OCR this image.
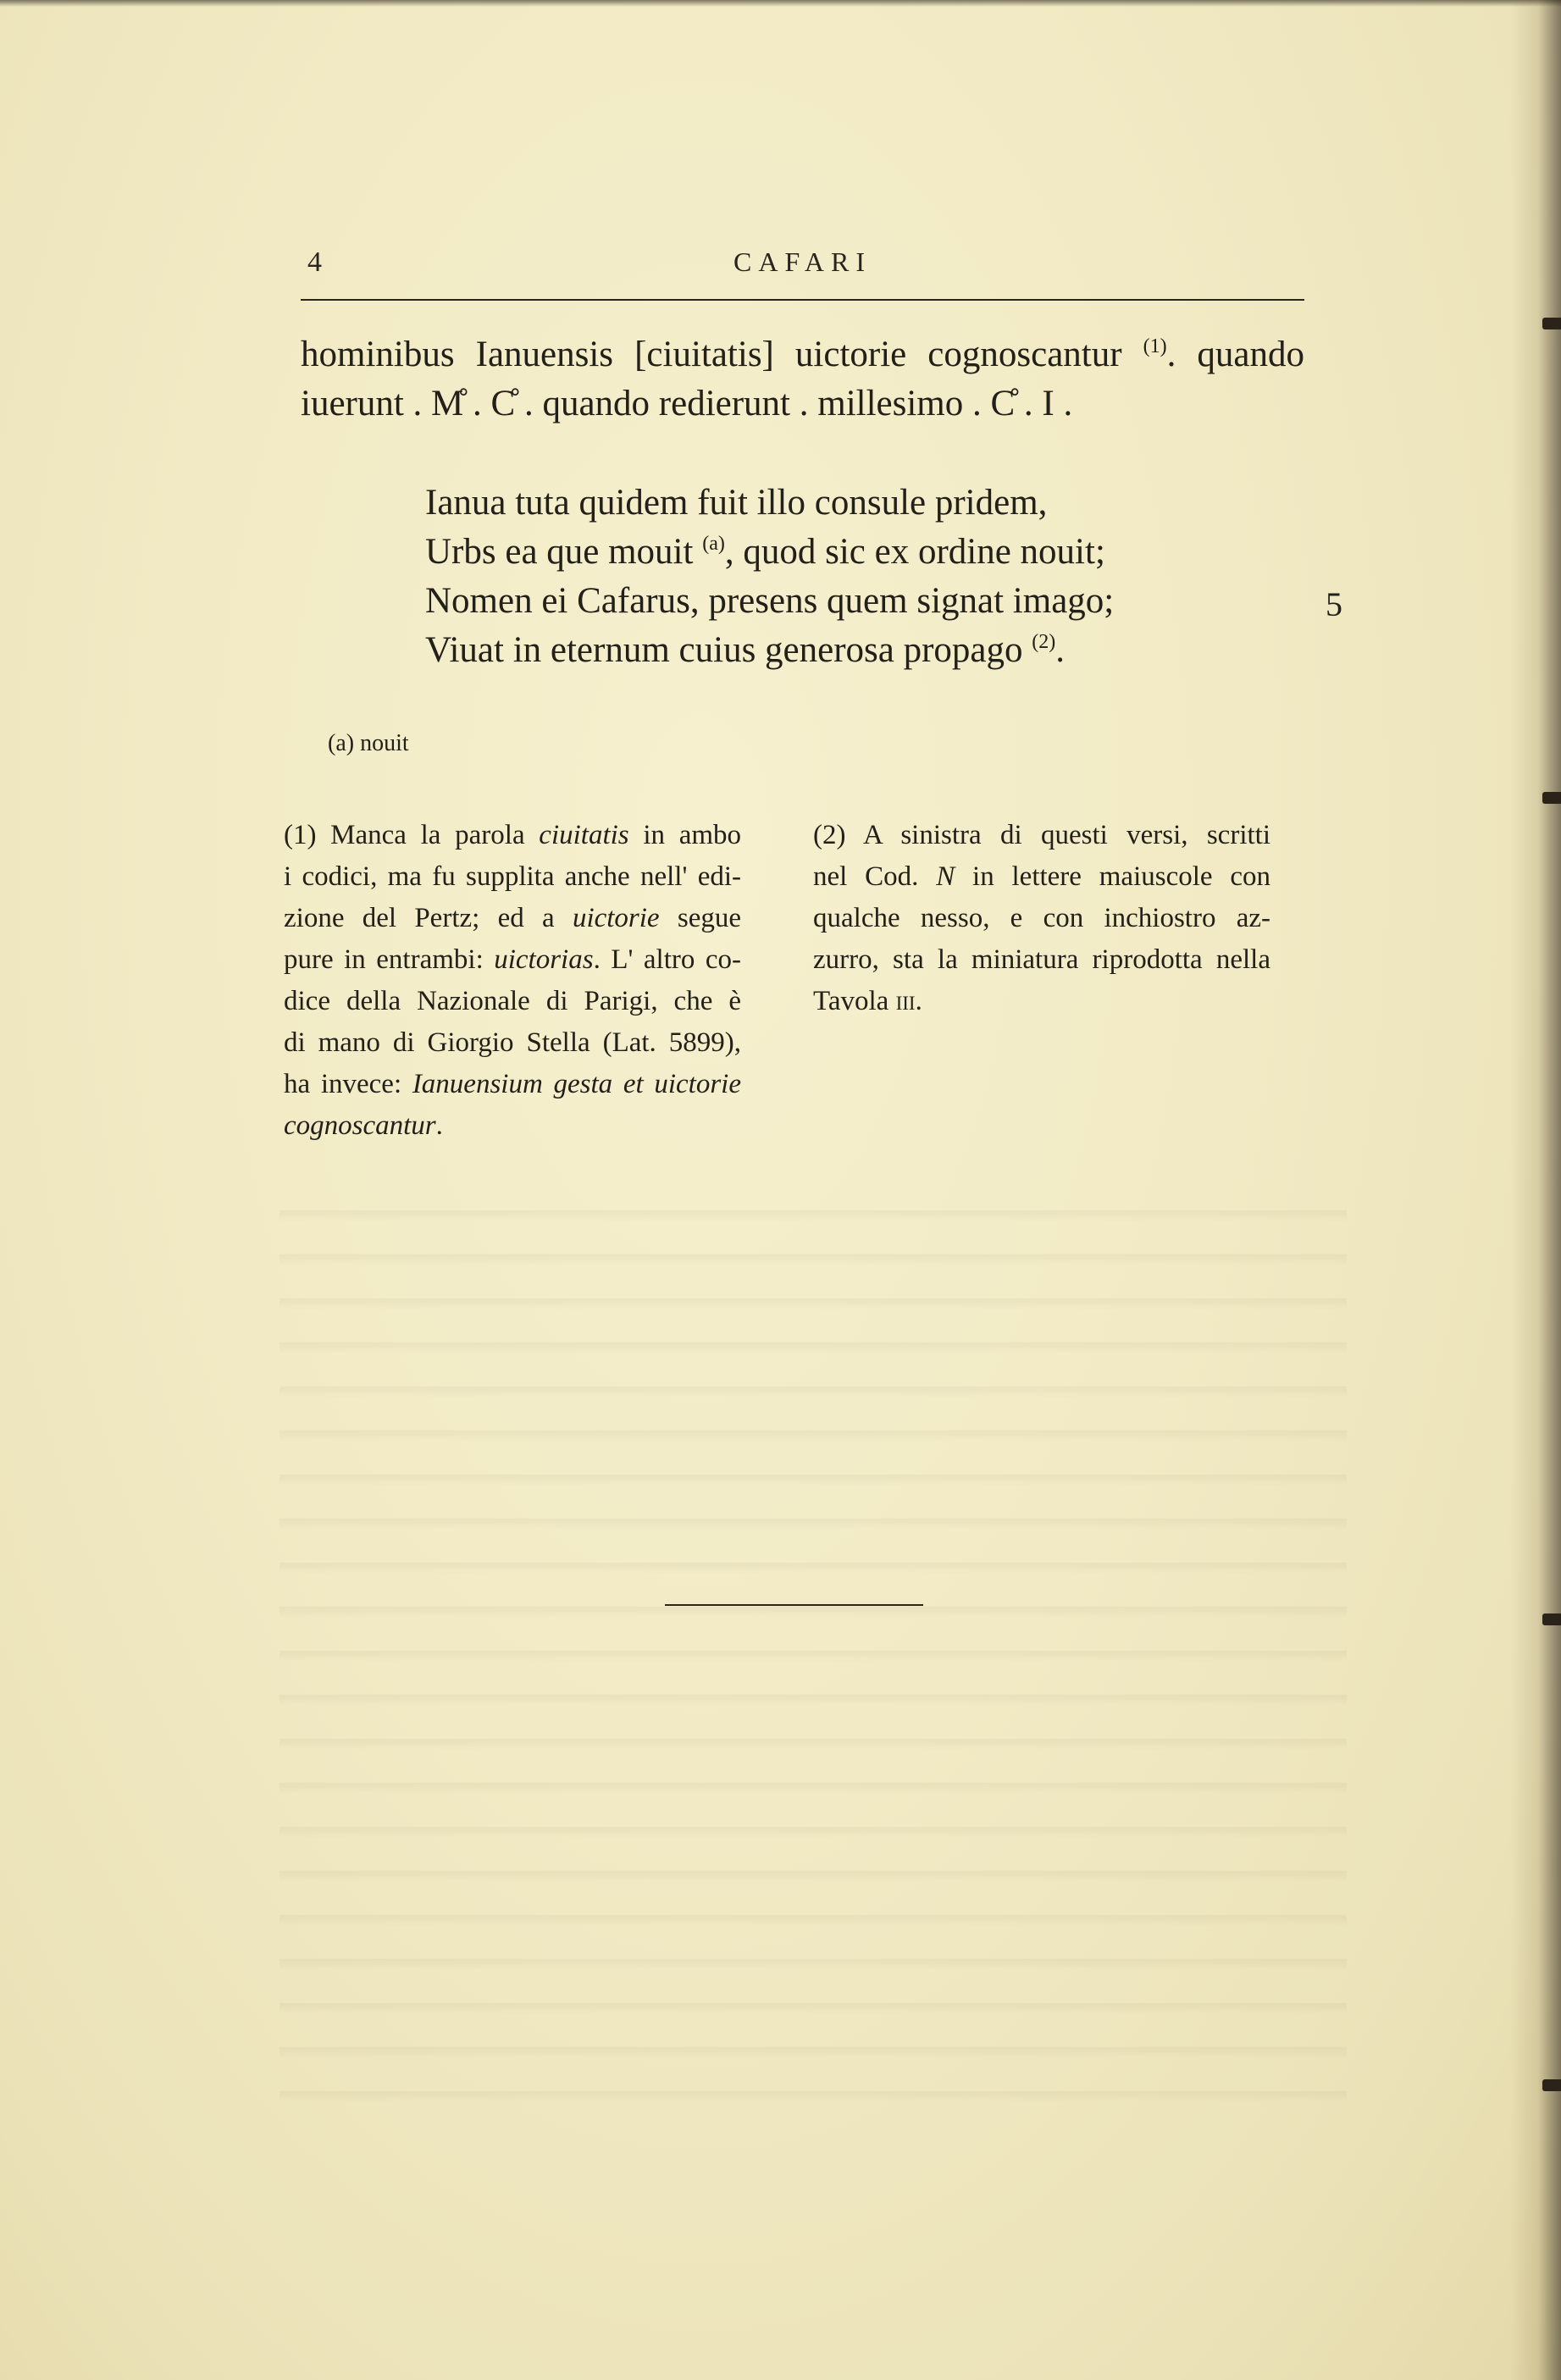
4	CAFARI
hominibus Ianuensis [ciuitatis] uictorie cognoscantur $^{(1)}$. quando
iuerunt . M̊ . C̊ . quando redierunt . millesimo . C̊ . I .
Ianua tuta quidem fuit illo consule pridem,
Urbs ea que mouit $^{(a)}$, quod sic ex ordine nouit;
Nomen ei Cafarus, presens quem signat imago;
Viuat in eternum cuius generosa propago $^{(2)}$.
5
(a) nouit
(1) Manca la parola ciuitatis in ambo
i codici, ma fu supplita anche nell' edi-
zione del Pertz; ed a uictorie segue
pure in entrambi: uictorias. L' altro co-
dice della Nazionale di Parigi, che è
di mano di Giorgio Stella (Lat. 5899),
ha invece: Ianuensium gesta et uictorie
cognoscantur.
(2) A sinistra di questi versi, scritti
nel Cod. N in lettere maiuscole con
qualche nesso, e con inchiostro az-
zurro, sta la miniatura riprodotta nella
Tavola iii.
